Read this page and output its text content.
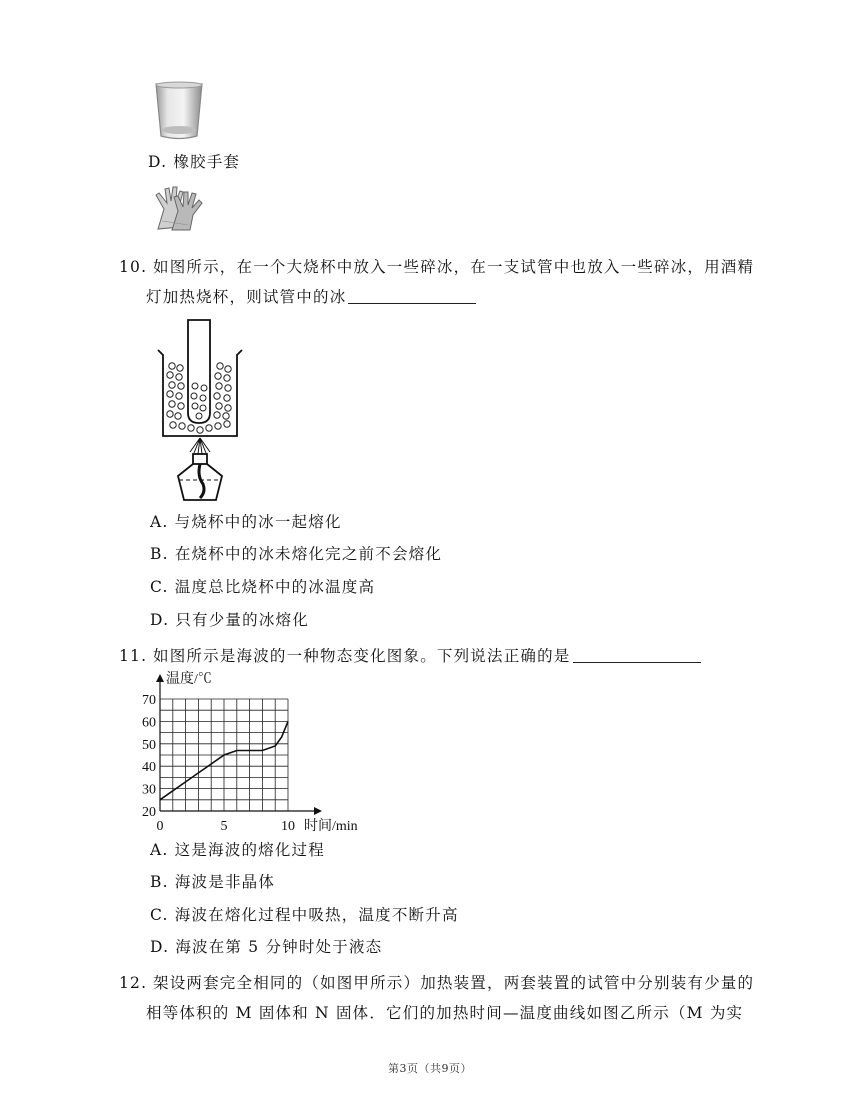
D. 橡胶手套
10. 如图所示，在一个大烧杯中放入一些碎冰，在一支试管中也放入一些碎冰，用酒精
灯加热烧杯，则试管中的冰
A. 与烧杯中的冰一起熔化
B. 在烧杯中的冰未熔化完之前不会熔化
C. 温度总比烧杯中的冰温度高
D. 只有少量的冰熔化
11. 如图所示是海波的一种物态变化图象。下列说法正确的是
20
30
40
50
60
70
0	5	10
温度/℃
时间/min
A. 这是海波的熔化过程
B. 海波是非晶体
C. 海波在熔化过程中吸热，温度不断升高
D. 海波在第 5 分钟时处于液态
12. 架设两套完全相同的（如图甲所示）加热装置，两套装置的试管中分别装有少量的
相等体积的 M 固体和 N 固体．它们的加热时间—温度曲线如图乙所示（M 为实
第3页（共9页）
